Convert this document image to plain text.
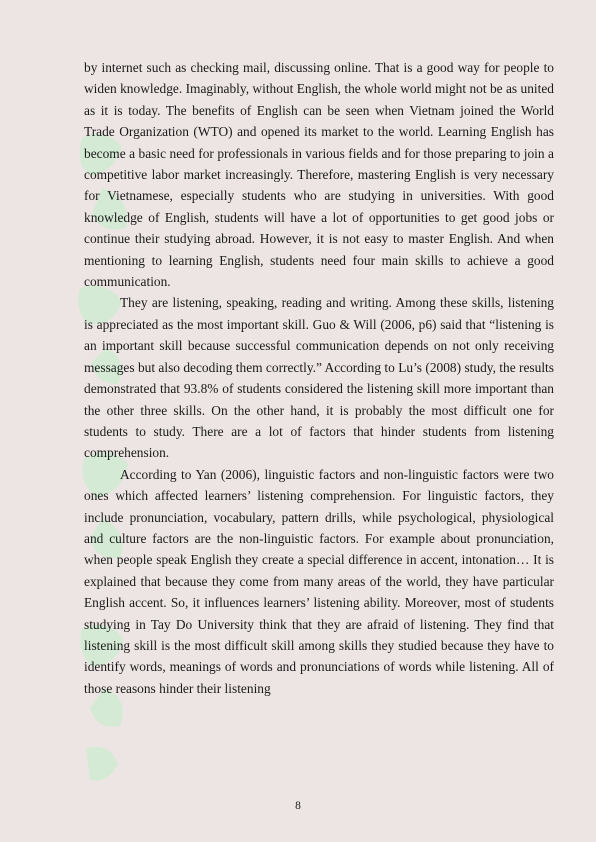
by internet such as checking mail, discussing online. That is a good way for people to widen knowledge. Imaginably, without English, the whole world might not be as united as it is today. The benefits of English can be seen when Vietnam joined the World Trade Organization (WTO) and opened its market to the world. Learning English has become a basic need for professionals in various fields and for those preparing to join a competitive labor market increasingly. Therefore, mastering English is very necessary for Vietnamese, especially students who are studying in universities. With good knowledge of English, students will have a lot of opportunities to get good jobs or continue their studying abroad. However, it is not easy to master English. And when mentioning to learning English, students need four main skills to achieve a good communication.

They are listening, speaking, reading and writing. Among these skills, listening is appreciated as the most important skill. Guo & Will (2006, p6) said that “listening is an important skill because successful communication depends on not only receiving messages but also decoding them correctly.” According to Lu’s (2008) study, the results demonstrated that 93.8% of students considered the listening skill more important than the other three skills. On the other hand, it is probably the most difficult one for students to study. There are a lot of factors that hinder students from listening comprehension.

According to Yan (2006), linguistic factors and non-linguistic factors were two ones which affected learners’ listening comprehension. For linguistic factors, they include pronunciation, vocabulary, pattern drills, while psychological, physiological and culture factors are the non-linguistic factors. For example about pronunciation, when people speak English they create a special difference in accent, intonation… It is explained that because they come from many areas of the world, they have particular English accent. So, it influences learners’ listening ability. Moreover, most of students studying in Tay Do University think that they are afraid of listening. They find that listening skill is the most difficult skill among skills they studied because they have to identify words, meanings of words and pronunciations of words while listening. All of those reasons hinder their listening

8
